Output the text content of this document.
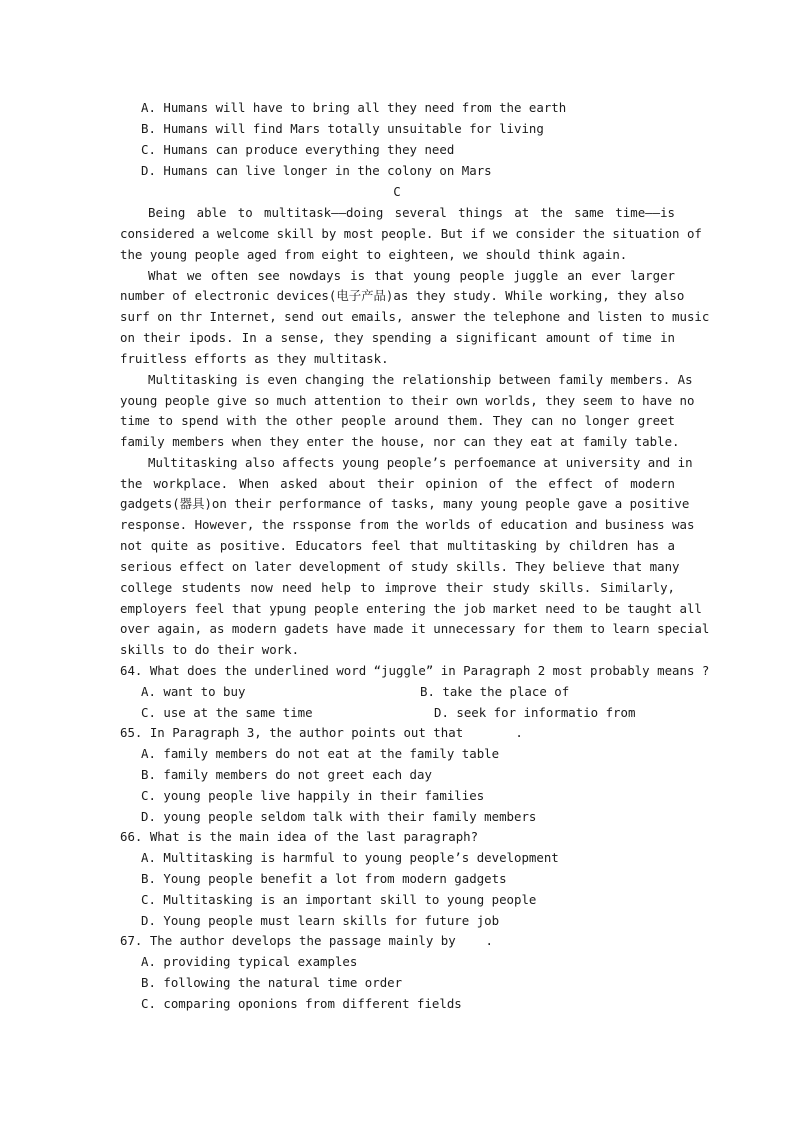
A. Humans will have to bring all they need from the earth
B. Humans will find Mars totally unsuitable for living
C. Humans can produce everything they need
D. Humans can live longer in the colony on Mars
C
Being able to multitask——doing several things at the same time——is
considered a welcome skill by most people. But if we consider the situation of
the young people aged from eight to eighteen, we should think again.
What we often see nowdays is that young people juggle an ever larger
number of electronic devices(电子产品)as they study. While working, they also
surf on thr Internet, send out emails, answer the telephone and listen to music
on their ipods. In a sense, they spending a significant amount of time in
fruitless efforts as they multitask.
Multitasking is even changing the relationship between family members. As
young people give so much attention to their own worlds, they seem to have no
time to spend with the other people around them. They can no longer greet
family members when they enter the house, nor can they eat at family table.
Multitasking also affects young people’s perfoemance at university and in
the workplace. When asked about their opinion of the effect of modern
gadgets(器具)on their performance of tasks, many young people gave a positive
response. However, the rssponse from the worlds of education and business was
not quite as positive. Educators feel that multitasking by children has a
serious effect on later development of study skills. They believe that many
college students now need help to improve their study skills. Similarly,
employers feel that ypung people entering the job market need to be taught all
over again, as modern gadets have made it unnecessary for them to learn special
skills to do their work.
64. What does the underlined word “juggle” in Paragraph 2 most probably means ?
A. want to buy	B. take the place of
C. use at the same time	D. seek for informatio from
65. In Paragraph 3, the author points out that       .
A. family members do not eat at the family table
B. family members do not greet each day
C. young people live happily in their families
D. young people seldom talk with their family members
66. What is the main idea of the last paragraph?
A. Multitasking is harmful to young people’s development
B. Young people benefit a lot from modern gadgets
C. Multitasking is an important skill to young people
D. Young people must learn skills for future job
67. The author develops the passage mainly by    .
A. providing typical examples
B. following the natural time order
C. comparing oponions from different fields
